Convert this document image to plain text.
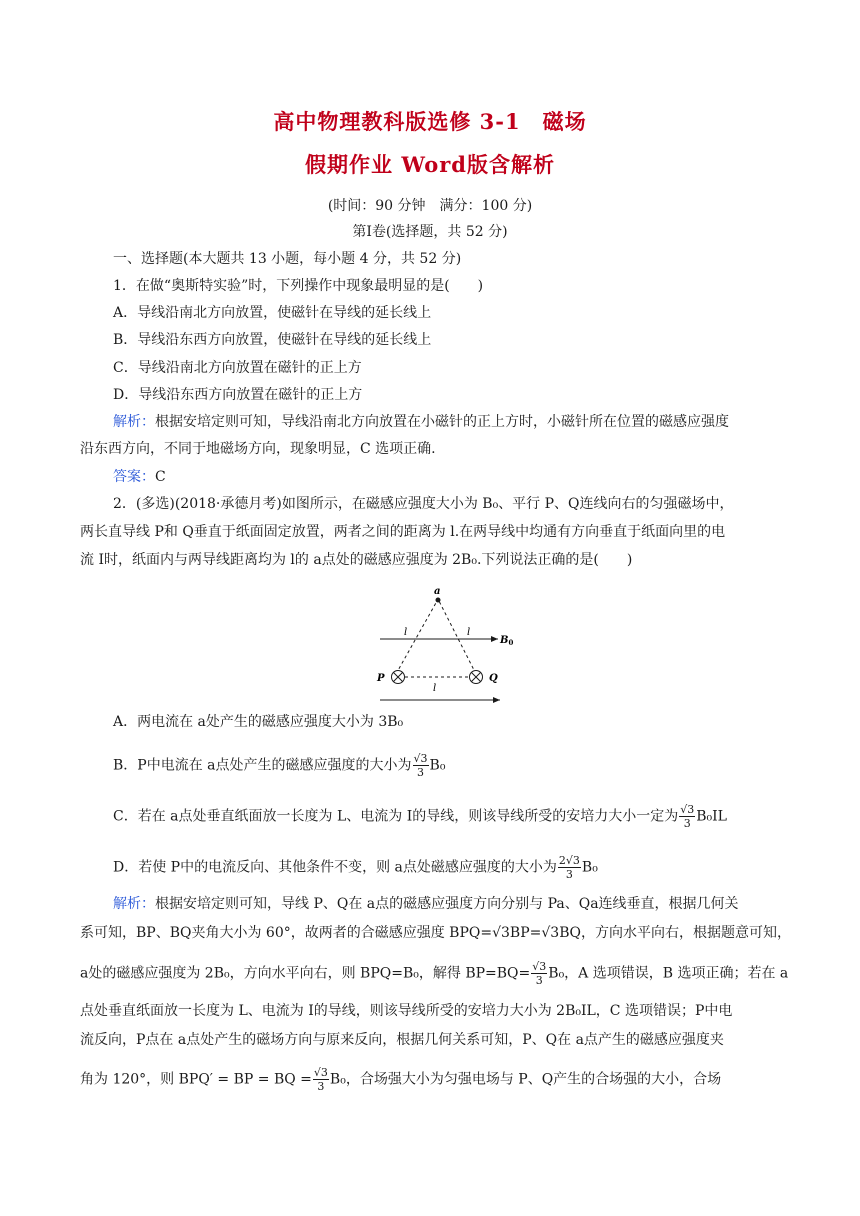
高中物理教科版选修 3-1　磁场
假期作业 Word版含解析
(时间：90 分钟　满分：100 分)
第Ⅰ卷(选择题，共 52 分)
一、选择题(本大题共 13 小题，每小题 4 分，共 52 分)
1．在做“奥斯特实验”时，下列操作中现象最明显的是(　　)
A．导线沿南北方向放置，使磁针在导线的延长线上
B．导线沿东西方向放置，使磁针在导线的延长线上
C．导线沿南北方向放置在磁针的正上方
D．导线沿东西方向放置在磁针的正上方
解析：根据安培定则可知，导线沿南北方向放置在小磁针的正上方时，小磁针所在位置的磁感应强度
沿东西方向，不同于地磁场方向，现象明显，C 选项正确.
答案：C
2．(多选)(2018·承德月考)如图所示，在磁感应强度大小为 B₀、平行 P、Q连线向右的匀强磁场中，
两长直导线 P和 Q垂直于纸面固定放置，两者之间的距离为 l.在两导线中均通有方向垂直于纸面向里的电
流 I时，纸面内与两导线距离均为 l的 a点处的磁感应强度为 2B₀.下列说法正确的是(　　)
a
l	l
l
$B_0$
P	Q
A．两电流在 a处产生的磁感应强度大小为 3B₀
B．P中电流在 a点处产生的磁感应强度的大小为 $\frac{√3}{3} B_0$
C．若在 a点处垂直纸面放一长度为 L、电流为 I的导线，则该导线所受的安培力大小一定为 $\frac{√3}{3} B_0IL$
D．若使 P中的电流反向、其他条件不变，则 a点处磁感应强度的大小为 $\frac{2√3}{3} B_0$
解析：根据安培定则可知，导线 P、Q在 a点的磁感应强度方向分别与 Pa、Qa连线垂直，根据几何关
系可知，BP、BQ夹角大小为 60°，故两者的合磁感应强度 BPQ=√3BP=√3BQ，方向水平向右，根据题意可知，
a处的磁感应强度为 2B₀，方向水平向右，则 BPQ=B₀，解得 $BP=BQ= \frac{√3}{3} B_0$，A 选项错误，B 选项正确；若在 a
点处垂直纸面放一长度为 L、电流为 I的导线，则该导线所受的安培力大小为 2B₀IL，C 选项错误；P中电
流反向，P点在 a点处产生的磁场方向与原来反向，根据几何关系可知，P、Q在 a点产生的磁感应强度夹
角为 120°，则 BPQ′ = BP = BQ = $\frac{√3}{3} B_0$，合场强大小为匀强电场与 P、Q产生的合场强的大小，合场
